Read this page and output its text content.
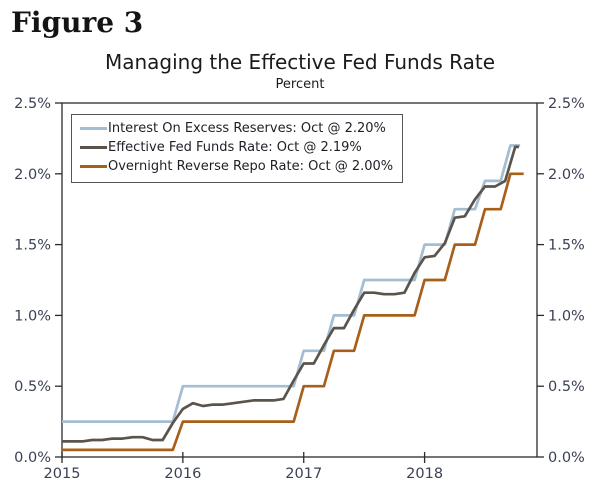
Figure 3
Managing the Effective Fed Funds Rate
Percent
0.0%	0.0%
0.5%	0.5%
1.0%	1.0%
1.5%	1.5%
2.0%	2.0%
2.5%	2.5%
2015	2016	2017	2018
Interest On Excess Reserves: Oct @ 2.20%
Effective Fed Funds Rate: Oct @ 2.19%
Overnight Reverse Repo Rate: Oct @ 2.00%
